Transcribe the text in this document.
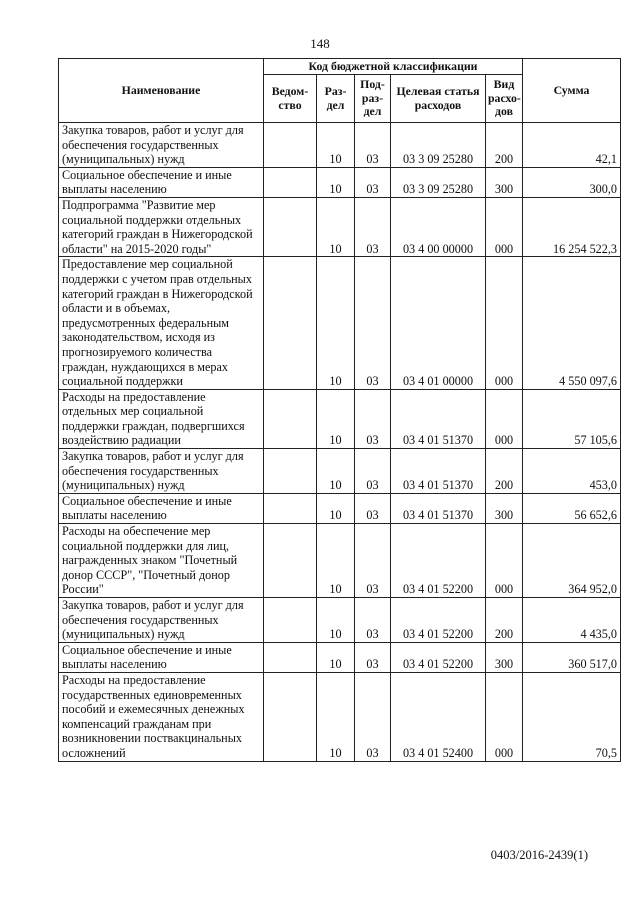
148
Наименование	Код бюджетной классификации					Сумма
	Ведом-ство	Раз-дел	Под-раз-дел	Целевая статья расходов	Вид расхо-дов	
Закупка товаров, работ и услуг для обеспечения государственных (муниципальных) нужд		10	03	03 3 09 25280	200	42,1
Социальное обеспечение и иные выплаты населению		10	03	03 3 09 25280	300	300,0
Подпрограмма "Развитие мер социальной поддержки отдельных категорий граждан в Нижегородской области" на 2015-2020 годы"		10	03	03 4 00 00000	000	16 254 522,3
Предоставление мер социальной поддержки с учетом прав отдельных категорий граждан в Нижегородской области и в объемах, предусмотренных федеральным законодательством, исходя из прогнозируемого количества граждан, нуждающихся в мерах социальной поддержки		10	03	03 4 01 00000	000	4 550 097,6
Расходы на предоставление отдельных мер социальной поддержки граждан, подвергшихся воздействию радиации		10	03	03 4 01 51370	000	57 105,6
Закупка товаров, работ и услуг для обеспечения государственных (муниципальных) нужд		10	03	03 4 01 51370	200	453,0
Социальное обеспечение и иные выплаты населению		10	03	03 4 01 51370	300	56 652,6
Расходы на обеспечение мер социальной поддержки для лиц, награжденных знаком "Почетный донор СССР", "Почетный донор России"		10	03	03 4 01 52200	000	364 952,0
Закупка товаров, работ и услуг для обеспечения государственных (муниципальных) нужд		10	03	03 4 01 52200	200	4 435,0
Социальное обеспечение и иные выплаты населению		10	03	03 4 01 52200	300	360 517,0
Расходы на предоставление государственных единовременных пособий и ежемесячных денежных компенсаций гражданам при возникновении поствакцинальных осложнений		10	03	03 4 01 52400	000	70,5
0403/2016-2439(1)
